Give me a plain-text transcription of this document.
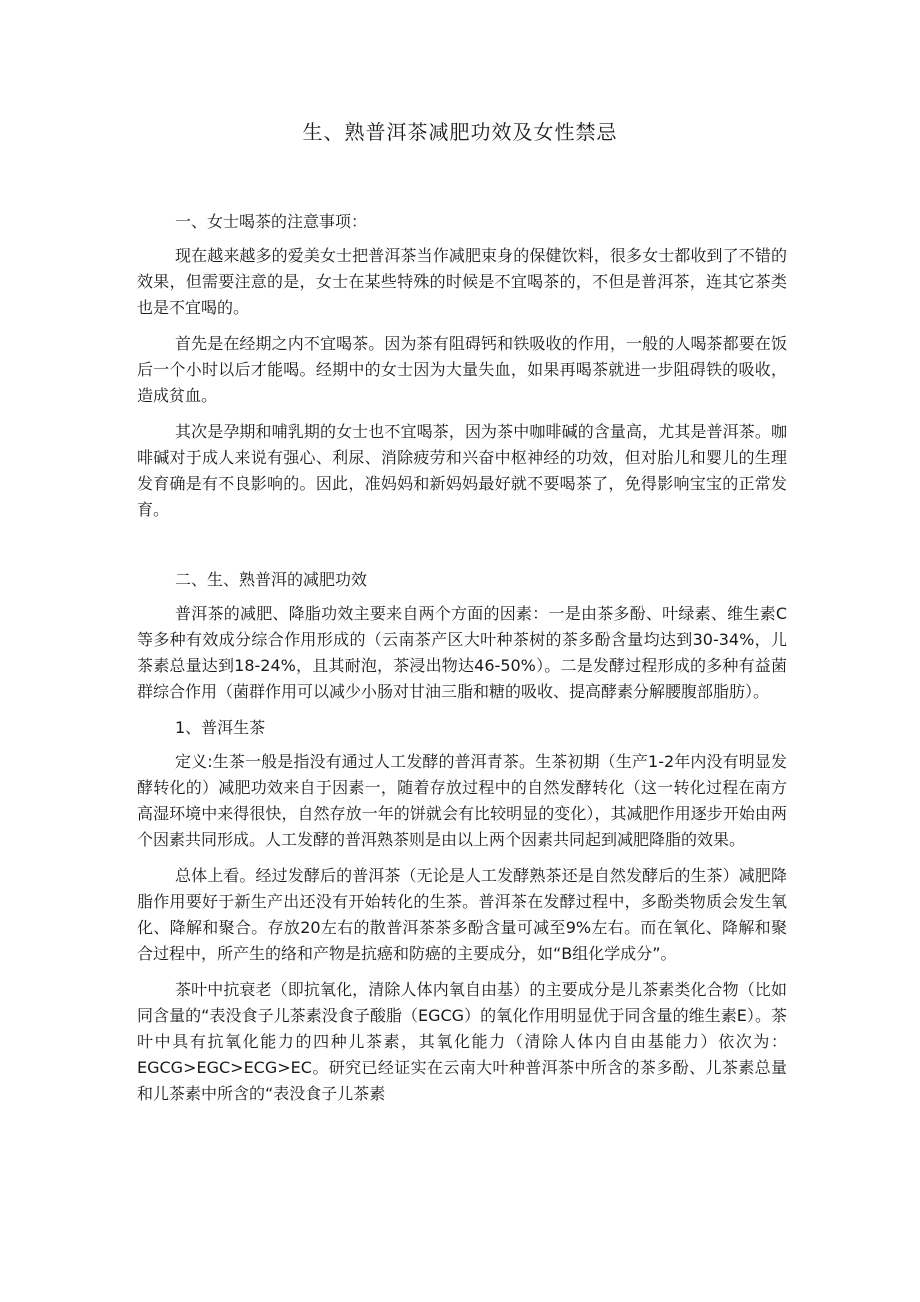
生、熟普洱茶减肥功效及女性禁忌

一、女士喝茶的注意事项：

现在越来越多的爱美女士把普洱茶当作减肥束身的保健饮料，很多女士都收到了不错的效果，但需要注意的是，女士在某些特殊的时候是不宜喝茶的，不但是普洱茶，连其它茶类也是不宜喝的。

首先是在经期之内不宜喝茶。因为茶有阻碍钙和铁吸收的作用，一般的人喝茶都要在饭后一个小时以后才能喝。经期中的女士因为大量失血，如果再喝茶就进一步阻碍铁的吸收，造成贫血。

其次是孕期和哺乳期的女士也不宜喝茶，因为茶中咖啡碱的含量高，尤其是普洱茶。咖啡碱对于成人来说有强心、利尿、消除疲劳和兴奋中枢神经的功效，但对胎儿和婴儿的生理发育确是有不良影响的。因此，准妈妈和新妈妈最好就不要喝茶了，免得影响宝宝的正常发育。

二、生、熟普洱的减肥功效

普洱茶的减肥、降脂功效主要来自两个方面的因素：一是由茶多酚、叶绿素、维生素C等多种有效成分综合作用形成的（云南茶产区大叶种茶树的茶多酚含量均达到30-34%，儿茶素总量达到18-24%，且其耐泡，茶浸出物达46-50%）。二是发酵过程形成的多种有益菌群综合作用（菌群作用可以减少小肠对甘油三脂和糖的吸收、提高酵素分解腰腹部脂肪）。

1、普洱生茶

定义:生茶一般是指没有通过人工发酵的普洱青茶。生茶初期（生产1-2年内没有明显发酵转化的）减肥功效来自于因素一，随着存放过程中的自然发酵转化（这一转化过程在南方高湿环境中来得很快，自然存放一年的饼就会有比较明显的变化），其减肥作用逐步开始由两个因素共同形成。人工发酵的普洱熟茶则是由以上两个因素共同起到减肥降脂的效果。

总体上看。经过发酵后的普洱茶（无论是人工发酵熟茶还是自然发酵后的生茶）减肥降脂作用要好于新生产出还没有开始转化的生茶。普洱茶在发酵过程中，多酚类物质会发生氧化、降解和聚合。存放20左右的散普洱茶茶多酚含量可减至9%左右。而在氧化、降解和聚合过程中，所产生的络和产物是抗癌和防癌的主要成分，如“B组化学成分”。

茶叶中抗衰老（即抗氧化，清除人体内氧自由基）的主要成分是儿茶素类化合物（比如同含量的“表没食子儿茶素没食子酸脂（EGCG）的氧化作用明显优于同含量的维生素E）。茶叶中具有抗氧化能力的四种儿茶素，其氧化能力（清除人体内自由基能力）依次为：EGCG>EGC>ECG>EC。研究已经证实在云南大叶种普洱茶中所含的茶多酚、儿茶素总量和儿茶素中所含的“表没食子儿茶素
